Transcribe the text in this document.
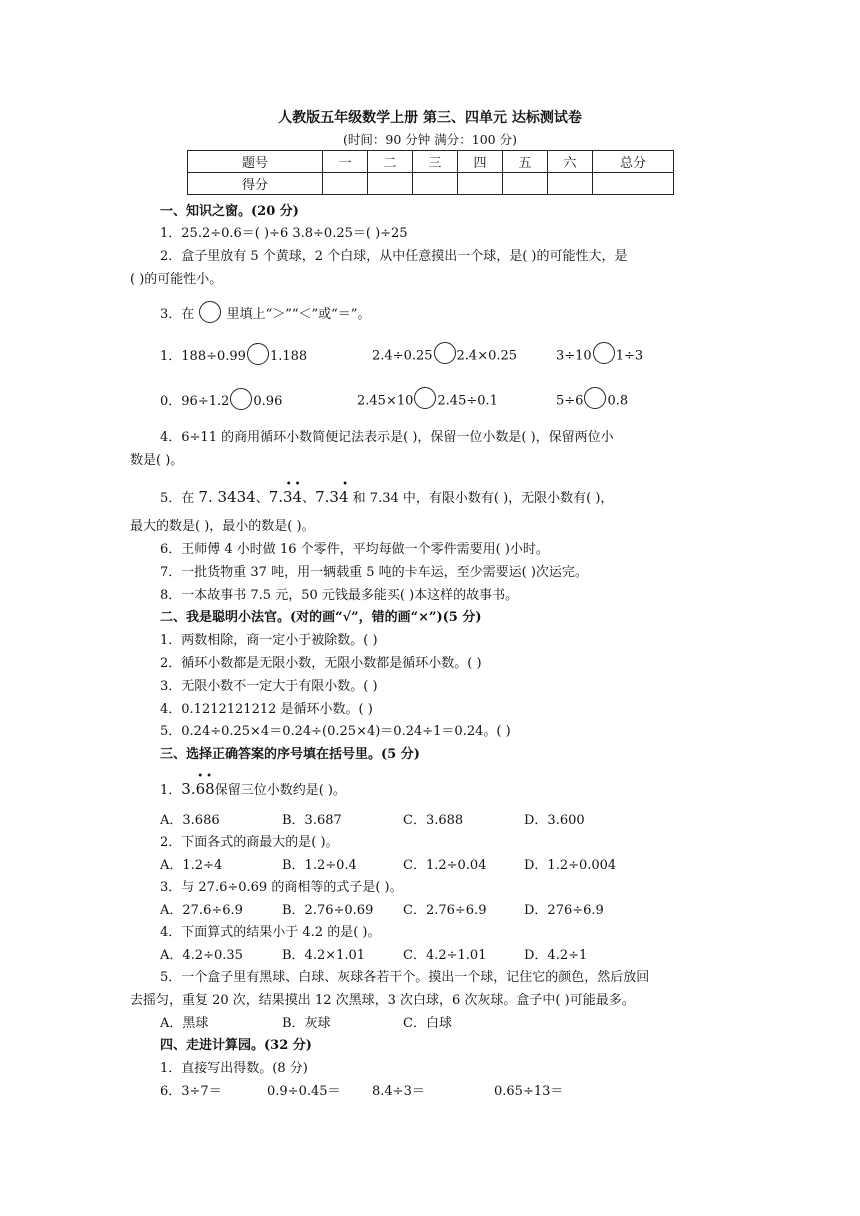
人教版五年级数学上册 第三、四单元 达标测试卷
(时间：90 分钟 满分：100 分)
题号	一	二	三	四	五	六	总分
得分							
一、知识之窗。(20 分)
1．25.2÷0.6＝( )÷6 3.8÷0.25＝( )÷25
2．盒子里放有 5 个黄球，2 个白球，从中任意摸出一个球，是( )的可能性大，是
( )的可能性小。
3．在 里填上“＞”“＜”或“＝”。
1．188÷0.99 1.188	2.4÷0.25 2.4×0.25	3÷10 1÷3
0．96÷1.2 0.96	2.45×10 2.45÷0.1	5÷6 0.8
4．6÷11 的商用循环小数简便记法表示是( )，保留一位小数是( )，保留两位小
数是( )。
5．在 7. 3434、
••
7.34、
•
7.34 和 7.34 中，有限小数有( )，无限小数有( )，
最大的数是( )，最小的数是( )。
6．王师傅 4 小时做 16 个零件，平均每做一个零件需要用( )小时。
7．一批货物重 37 吨，用一辆载重 5 吨的卡车运，至少需要运( )次运完。
8．一本故事书 7.5 元，50 元钱最多能买( )本这样的故事书。
二、我是聪明小法官。(对的画“√”，错的画“×”)(5 分)
1．两数相除，商一定小于被除数。( )
2．循环小数都是无限小数，无限小数都是循环小数。( )
3．无限小数不一定大于有限小数。( )
4．0.1212121212 是循环小数。( )
5．0.24÷0.25×4＝0.24÷(0.25×4)＝0.24÷1＝0.24。( )
三、选择正确答案的序号填在括号里。(5 分)
1．
••
3.68保留三位小数约是( )。
A．3.686	B．3.687	C．3.688	D．3.600
2．下面各式的商最大的是( )。
A．1.2÷4	B．1.2÷0.4	C．1.2÷0.04	D．1.2÷0.004
3．与 27.6÷0.69 的商相等的式子是( )。
A．27.6÷6.9	B．2.76÷0.69 C．2.76÷6.9	D．276÷6.9
4．下面算式的结果小于 4.2 的是( )。
A．4.2÷0.35	B．4.2×1.01	C．4.2÷1.01	D．4.2÷1
5．一个盒子里有黑球、白球、灰球各若干个。摸出一个球，记住它的颜色，然后放回
去摇匀，重复 20 次，结果摸出 12 次黑球，3 次白球，6 次灰球。盒子中( )可能最多。
A．黑球	B．灰球	C．白球
四、走进计算园。(32 分)
1．直接写出得数。(8 分)
6．3÷7＝	0.9÷0.45＝ 8.4÷3＝	0.65÷13＝
